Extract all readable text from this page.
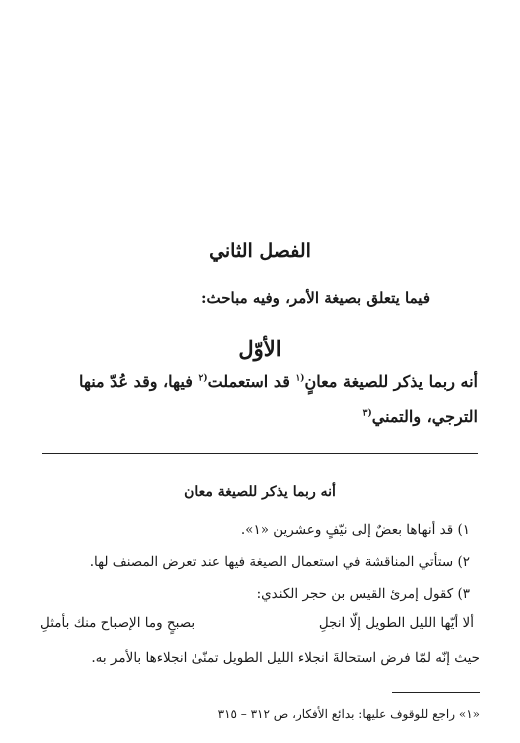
الفصل الثاني
فيما يتعلق بصيغة الأمر، وفيه مباحث:
الأوّل
أنه ربما يذكر للصيغة معانٍ$^{(١}$ قد استعملت$^{(٢}$ فيها، وقد عُدّ منها
الترجي، والتمني$^{(٣}$
أنه ربما يذكر للصيغة معان
١) قد أنهاها بعضٌ إلى نيّفٍ وعشرين «١».
٢) ستأتي المناقشة في استعمال الصيغة فيها عند تعرض المصنف لها.
٣) كقول إمرئ القيس بن حجر الكندي:
ألا أيّها الليل الطويل إلّا انجلِ
بصبحٍ وما الإصباح منك بأمثلِ
حيث إنّه لمّا فرض استحالةَ انجلاء الليل الطويل تمنّىٰ انجلاءها بالأمر به.
«١» راجع للوقوف عليها: بدائع الأفكار، ص ٣١٢ – ٣١٥
